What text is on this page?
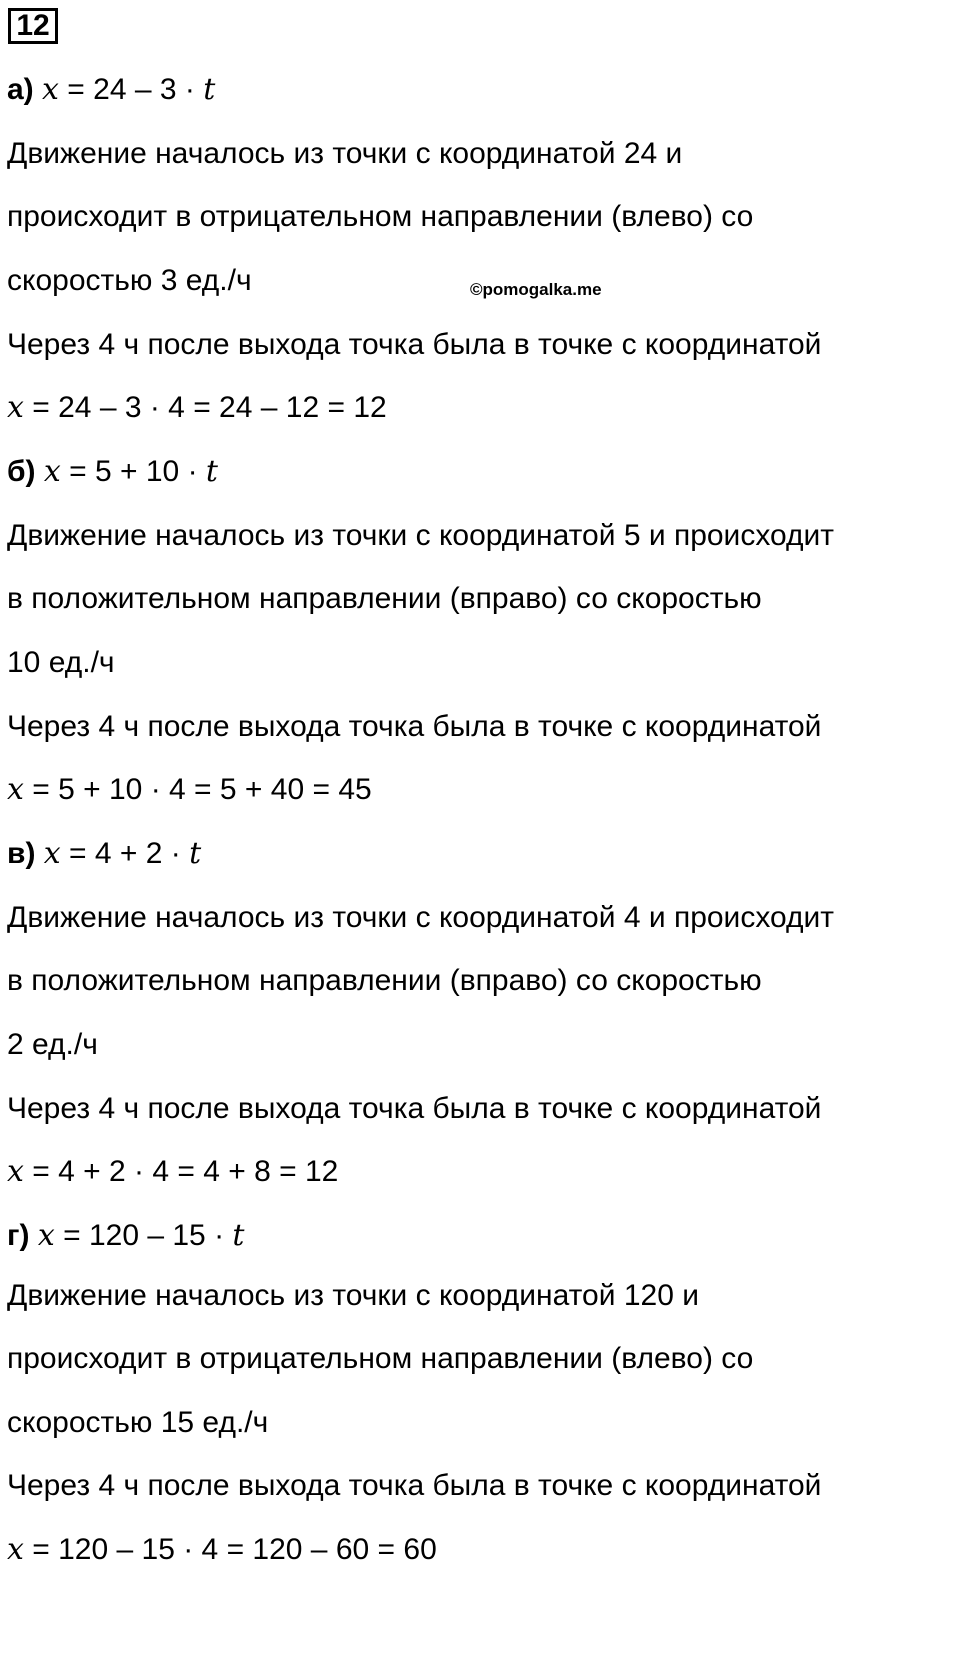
12
©pomogalka.me
а) x = 24 – 3 · t
Движение началось из точки с координатой 24 и
происходит в отрицательном направлении (влево) со
скоростью 3 ед./ч
Через 4 ч после выхода точка была в точке с координатой
x = 24 – 3 · 4 = 24 – 12 = 12
б) x = 5 + 10 · t
Движение началось из точки с координатой 5 и происходит
в положительном направлении (вправо) со скоростью
10 ед./ч
Через 4 ч после выхода точка была в точке с координатой
x = 5 + 10 · 4 = 5 + 40 = 45
в) x = 4 + 2 · t
Движение началось из точки с координатой 4 и происходит
в положительном направлении (вправо) со скоростью
2 ед./ч
Через 4 ч после выхода точка была в точке с координатой
x = 4 + 2 · 4 = 4 + 8 = 12
г) x = 120 – 15 · t
Движение началось из точки с координатой 120 и
происходит в отрицательном направлении (влево) со
скоростью 15 ед./ч
Через 4 ч после выхода точка была в точке с координатой
x = 120 – 15 · 4 = 120 – 60 = 60
